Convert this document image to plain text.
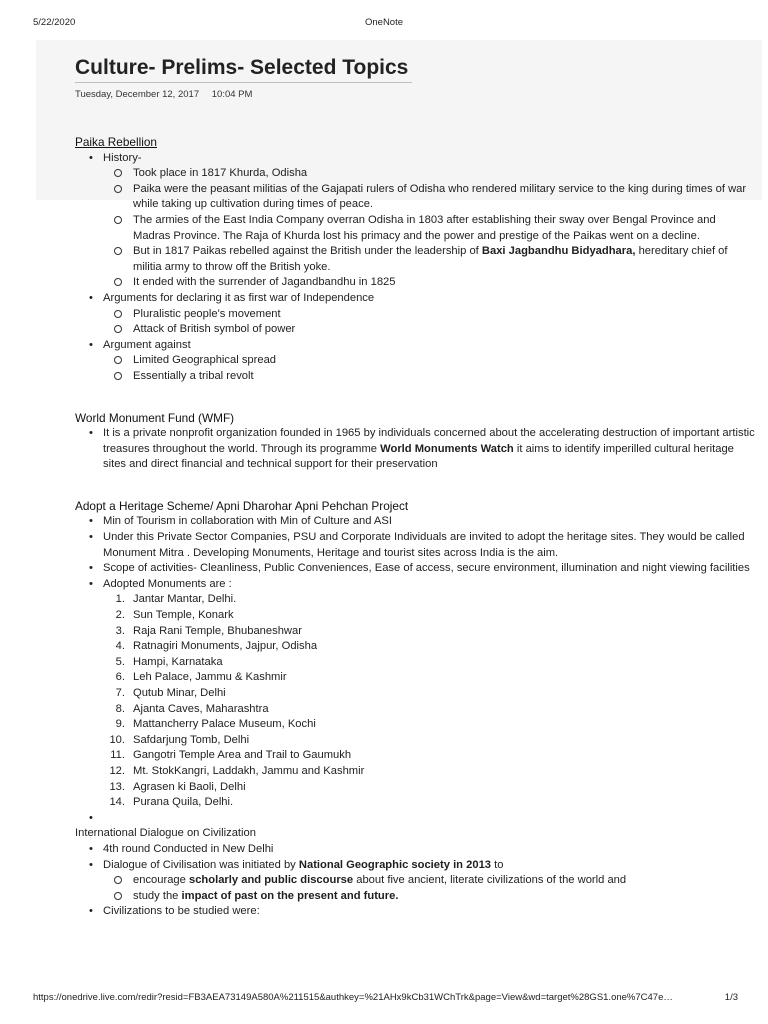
5/22/2020	OneNote
Culture- Prelims- Selected Topics
Tuesday, December 12, 2017 10:04 PM
Paika Rebellion
• History-
Took place in 1817 Khurda, Odisha
Paika were the peasant militias of the Gajapati rulers of Odisha who rendered military service to the king during times of war while taking up cultivation during times of peace.
The armies of the East India Company overran Odisha in 1803 after establishing their sway over Bengal Province and Madras Province. The Raja of Khurda lost his primacy and the power and prestige of the Paikas went on a decline.
But in 1817 Paikas rebelled against the British under the leadership of Baxi Jagbandhu Bidyadhara, hereditary chief of militia army to throw off the British yoke.
It ended with the surrender of Jagandbandhu in 1825
• Arguments for declaring it as first war of Independence
Pluralistic people's movement
Attack of British symbol of power
• Argument against
Limited Geographical spread
Essentially a tribal revolt
World Monument Fund (WMF)
• It is a private nonprofit organization founded in 1965 by individuals concerned about the accelerating destruction of important artistic treasures throughout the world. Through its programme World Monuments Watch it aims to identify imperilled cultural heritage sites and direct financial and technical support for their preservation
Adopt a Heritage Scheme/ Apni Dharohar Apni Pehchan Project
• Min of Tourism in collaboration with Min of Culture and ASI
• Under this Private Sector Companies, PSU and Corporate Individuals are invited to adopt the heritage sites. They would be called Monument Mitra . Developing Monuments, Heritage and tourist sites across India is the aim.
• Scope of activities- Cleanliness, Public Conveniences, Ease of access, secure environment, illumination and night viewing facilities
• Adopted Monuments are :
1. Jantar Mantar, Delhi.
2. Sun Temple, Konark
3. Raja Rani Temple, Bhubaneshwar
4. Ratnagiri Monuments, Jajpur, Odisha
5. Hampi, Karnataka
6. Leh Palace, Jammu & Kashmir
7. Qutub Minar, Delhi
8. Ajanta Caves, Maharashtra
9. Mattancherry Palace Museum, Kochi
10. Safdarjung Tomb, Delhi
11. Gangotri Temple Area and Trail to Gaumukh
12. Mt. StokKangri, Laddakh, Jammu and Kashmir
13. Agrasen ki Baoli, Delhi
14. Purana Quila, Delhi.
•
International Dialogue on Civilization
• 4th round Conducted in New Delhi
• Dialogue of Civilisation was initiated by National Geographic society in 2013 to
encourage scholarly and public discourse about five ancient, literate civilizations of the world and
study the impact of past on the present and future.
• Civilizations to be studied were:
https://onedrive.live.com/redir?resid=FB3AEA73149A580A%211515&authkey=%21AHx9kCb31WChTrk&page=View&wd=target%28GS1.one%7C47e…	1/3
